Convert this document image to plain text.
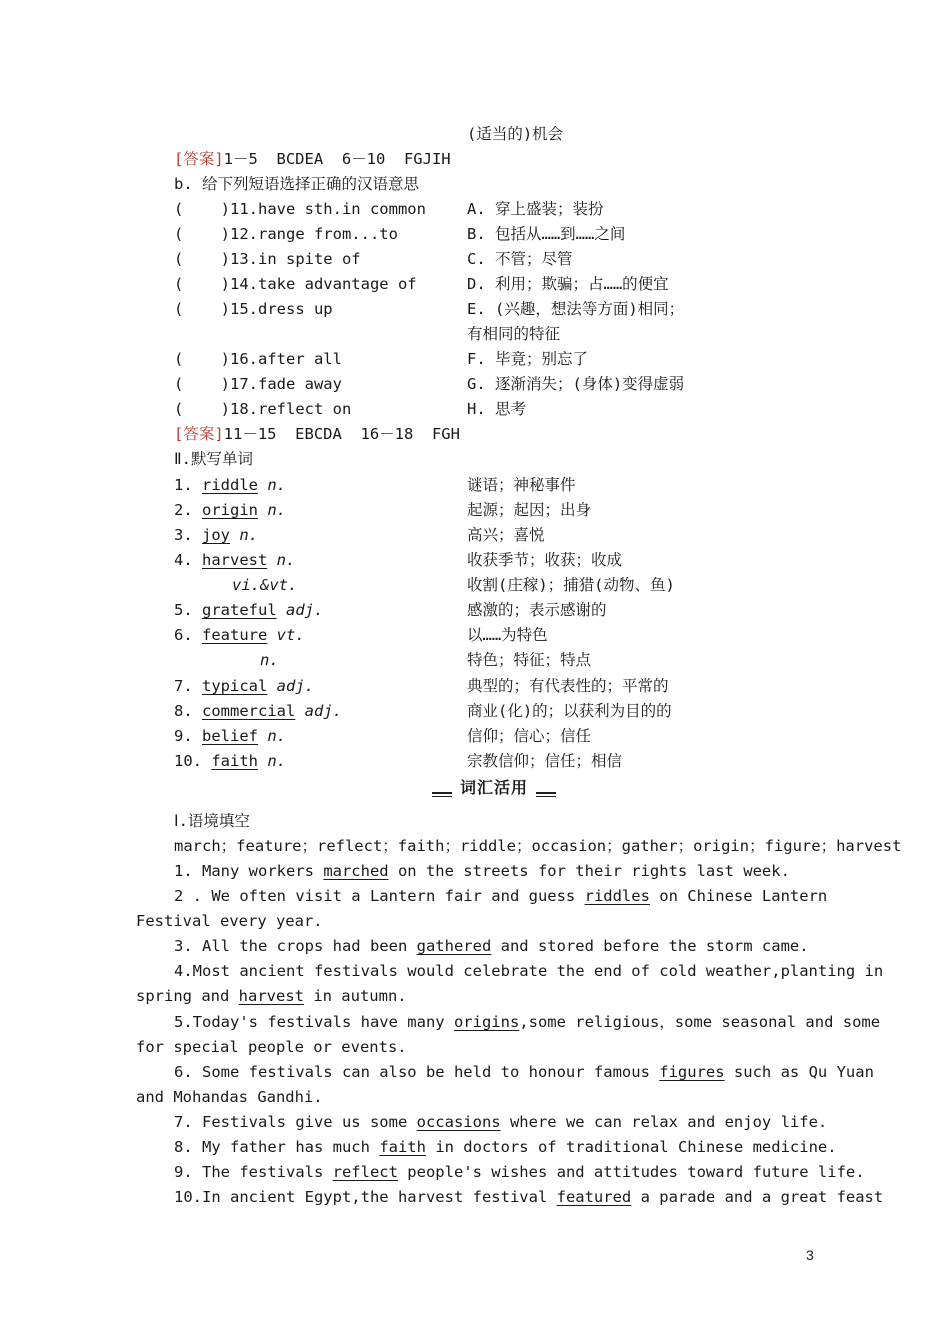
(适当的)机会
[答案]1－5  BCDEA  6－10  FGJIH
b. 给下列短语选择正确的汉语意思
(    )11.have sth.in common	A. 穿上盛装；装扮
(    )12.range from...to	B. 包括从……到……之间
(    )13.in spite of	C. 不管；尽管
(    )14.take advantage of	D. 利用；欺骗；占……的便宜
(    )15.dress up	E. (兴趣，想法等方面)相同；
有相同的特征
(    )16.after all	F. 毕竟；别忘了
(    )17.fade away	G. 逐渐消失；(身体)变得虚弱
(    )18.reflect on	H. 思考
[答案]11－15  EBCDA  16－18  FGH
Ⅱ.默写单词
1. riddle n.	谜语；神秘事件
2. origin n.	起源；起因；出身
3. joy n.	高兴；喜悦
4. harvest n.	收获季节；收获；收成
vi.&vt.	收割(庄稼)；捕猎(动物、鱼)
5. grateful adj.	感激的；表示感谢的
6. feature vt.	以……为特色
n.	特色；特征；特点
7. typical adj.	典型的；有代表性的；平常的
8. commercial adj.	商业(化)的；以获利为目的的
9. belief n.	信仰；信心；信任
10. faith n.	宗教信仰；信任；相信
词汇活用
Ⅰ.语境填空
march；feature；reflect；faith；riddle；occasion；gather；origin；figure；harvest
1. Many workers marched on the streets for their rights last week.
2 . We often visit a Lantern fair and guess riddles on Chinese Lantern
Festival every year.
3. All the crops had been gathered and stored before the storm came.
4.Most ancient festivals would celebrate the end of cold weather,planting in
spring and harvest in autumn.
5.Today's festivals have many origins,some religious，some seasonal and some
for special people or events.
6. Some festivals can also be held to honour famous figures such as Qu Yuan
and Mohandas Gandhi.
7. Festivals give us some occasions where we can relax and enjoy life.
8. My father has much faith in doctors of traditional Chinese medicine.
9. The festivals reflect people's wishes and attitudes toward future life.
10.In ancient Egypt,the harvest festival featured a parade and a great feast
3
